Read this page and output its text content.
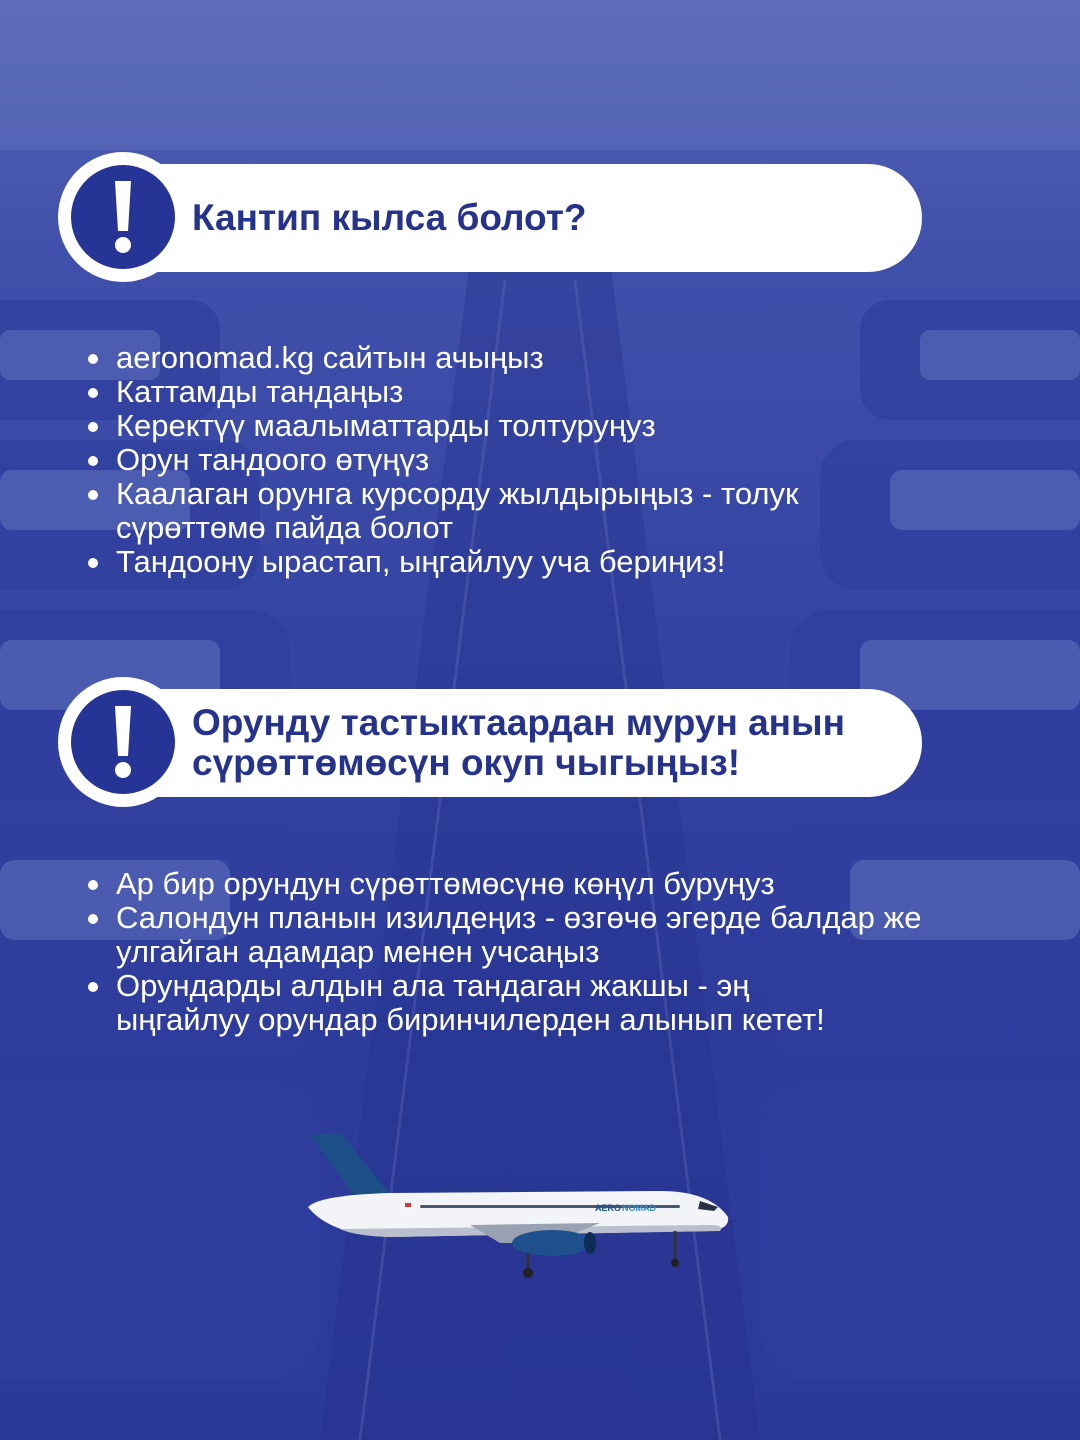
Кантип кылса болот?
aeronomad.kg сайтын ачыңыз
Каттамды тандаңыз
Керектүү маалыматтарды толтуруңуз
Орун тандоого өтүңүз
Каалаган орунга курсорду жылдырыңыз - толук сүрөттөмө пайда болот
Тандоону ырастап, ыңгайлуу уча бериңиз!
Орунду тастыктаардан мурун анын сүрөттөмөсүн окуп чыгыңыз!
Ар бир орундун сүрөттөмөсүнө көңүл буруңуз
Салондун планын изилдеңиз - өзгөчө эгерде балдар же улгайган адамдар менен учсаңыз
Орундарды алдын ала тандаган жакшы - эң ыңгайлуу орундар биринчилерден алынып кетет!
AERO NOMAD
